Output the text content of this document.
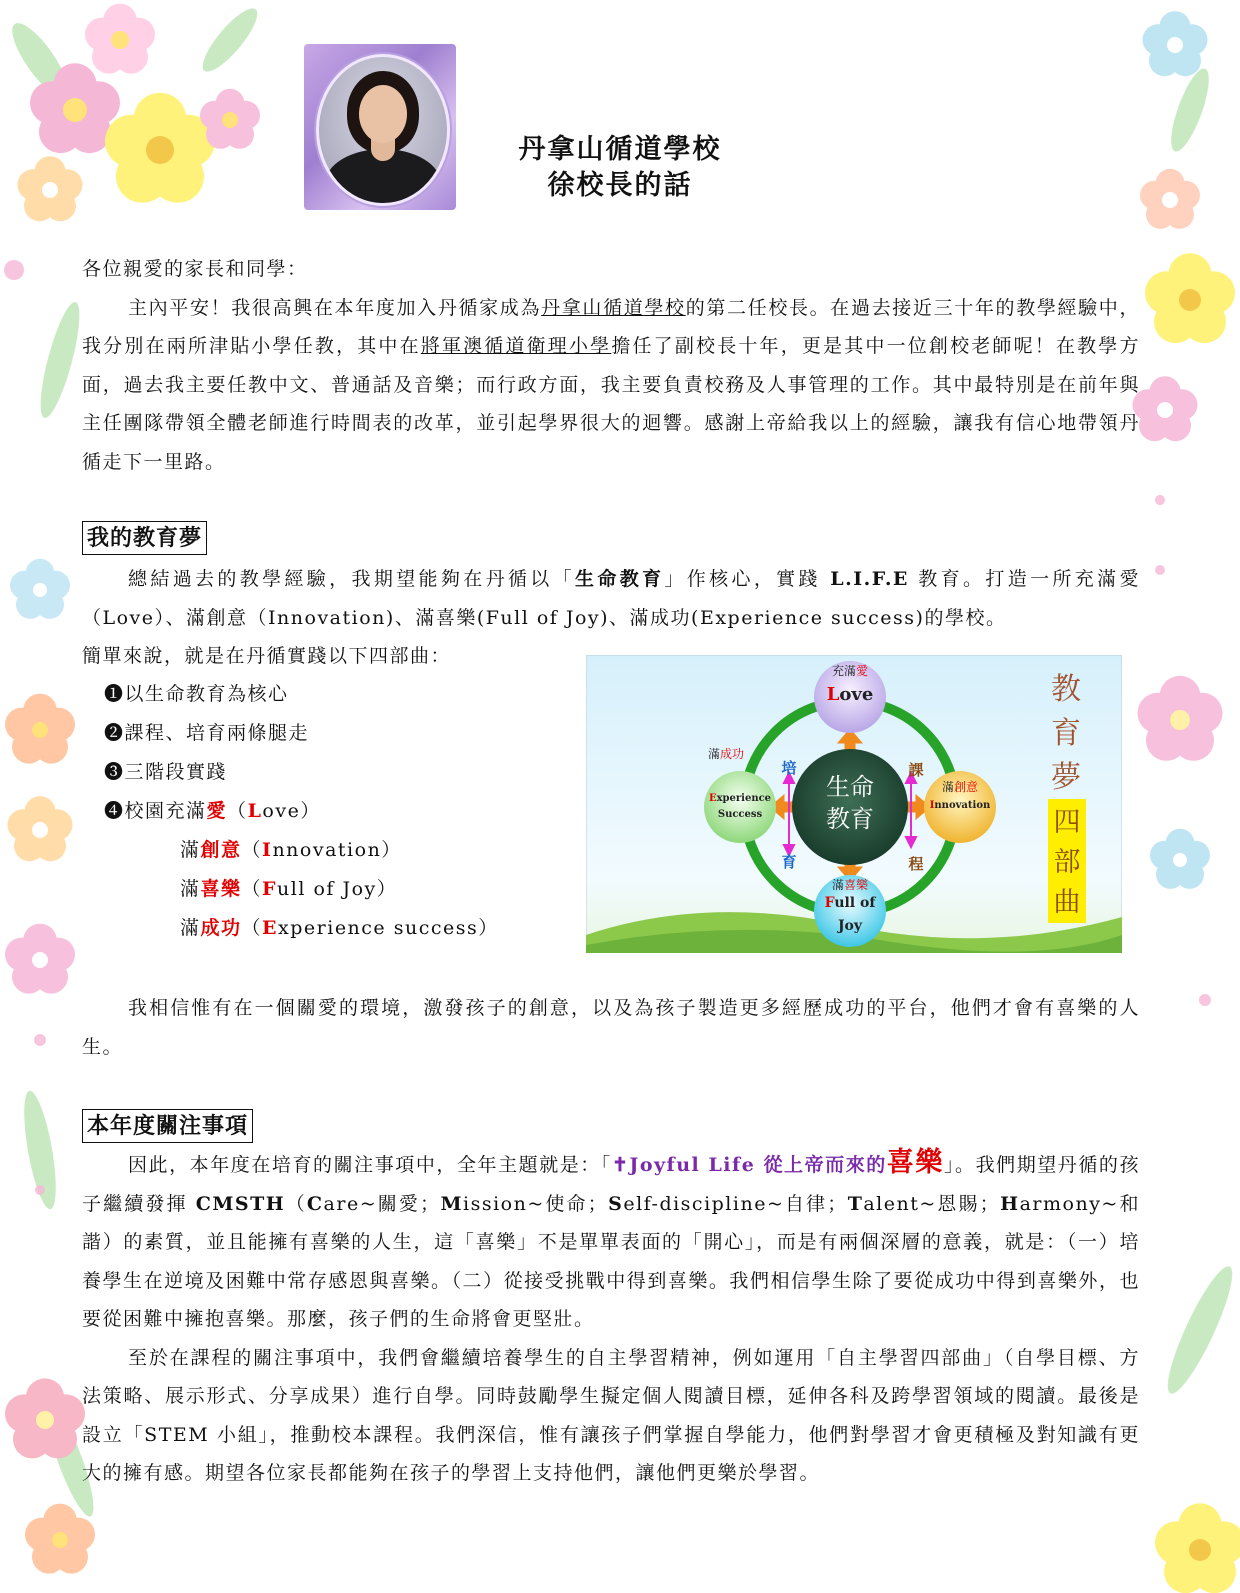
丹拿山循道學校
徐校長的話

各位親愛的家長和同學：

主內平安！我很高興在本年度加入丹循家成為丹拿山循道學校的第二任校長。在過去接近三十年的教學經驗中，我分別在兩所津貼小學任教，其中在將軍澳循道衛理小學擔任了副校長十年，更是其中一位創校老師呢！在教學方面，過去我主要任教中文、普通話及音樂；而行政方面，我主要負責校務及人事管理的工作。其中最特別是在前年與主任團隊帶領全體老師進行時間表的改革，並引起學界很大的迴響。感謝上帝給我以上的經驗，讓我有信心地帶領丹循走下一里路。

我的教育夢

總結過去的教學經驗，我期望能夠在丹循以「生命教育」作核心，實踐 L.I.F.E 教育。打造一所充滿愛（Love）、滿創意（Innovation)、滿喜樂(Full of Joy)、滿成功(Experience success)的學校。

簡單來說，就是在丹循實踐以下四部曲：

❶以生命教育為核心
❷課程、培育兩條腿走
❸三階段實踐
❹校園充滿愛（Love）
滿創意（Innovation）
滿喜樂（Full of Joy）
滿成功（Experience success）
生命
教育
充滿愛
Love
滿創意
Innovation
滿喜樂
Full of
Joy
滿成功
Experience
Success
培
育
課
程
教
育
夢
四
部
曲

我相信惟有在一個關愛的環境，激發孩子的創意，以及為孩子製造更多經歷成功的平台，他們才會有喜樂的人生。

本年度關注事項

因此，本年度在培育的關注事項中，全年主題就是：「✝Joyful Life 從上帝而來的喜樂」。我們期望丹循的孩子繼續發揮 CMSTH（Care~關愛；Mission~使命；Self-discipline~自律；Talent~恩賜；Harmony~和諧）的素質，並且能擁有喜樂的人生，這「喜樂」不是單單表面的「開心」，而是有兩個深層的意義，就是：（一）培養學生在逆境及困難中常存感恩與喜樂。（二）從接受挑戰中得到喜樂。我們相信學生除了要從成功中得到喜樂外，也要從困難中擁抱喜樂。那麼，孩子們的生命將會更堅壯。

至於在課程的關注事項中，我們會繼續培養學生的自主學習精神，例如運用「自主學習四部曲」（自學目標、方法策略、展示形式、分享成果）進行自學。同時鼓勵學生擬定個人閱讀目標，延伸各科及跨學習領域的閱讀。最後是設立「STEM 小組」，推動校本課程。我們深信，惟有讓孩子們掌握自學能力，他們對學習才會更積極及對知識有更大的擁有感。期望各位家長都能夠在孩子的學習上支持他們，讓他們更樂於學習。
